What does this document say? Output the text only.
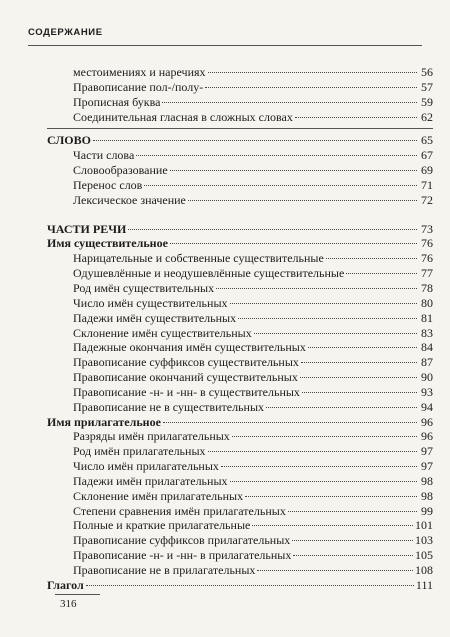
СОДЕРЖАНИЕ
местоимениях и наречиях	56
Правописание пол-/полу-	57
Прописная буква	59
Соединительная гласная в сложных словах	62
СЛОВО	65
Части слова	67
Словообразование	69
Перенос слов	71
Лексическое значение	72
ЧАСТИ РЕЧИ	73
Имя существительное	76
Нарицательные и собственные существительные	76
Одушевлённые и неодушевлённые существительные	77
Род имён существительных	78
Число имён существительных	80
Падежи имён существительных	81
Склонение имён существительных	83
Падежные окончания имён существительных	84
Правописание суффиксов существительных	87
Правописание окончаний существительных	90
Правописание -н- и -нн- в существительных	93
Правописание не в существительных	94
Имя прилагательное	96
Разряды имён прилагательных	96
Род имён прилагательных	97
Число имён прилагательных	97
Падежи имён прилагательных	98
Склонение имён прилагательных	98
Степени сравнения имён прилагательных	99
Полные и краткие прилагательные	101
Правописание суффиксов прилагательных	103
Правописание -н- и -нн- в прилагательных	105
Правописание не в прилагательных	108
Глагол	111
316
